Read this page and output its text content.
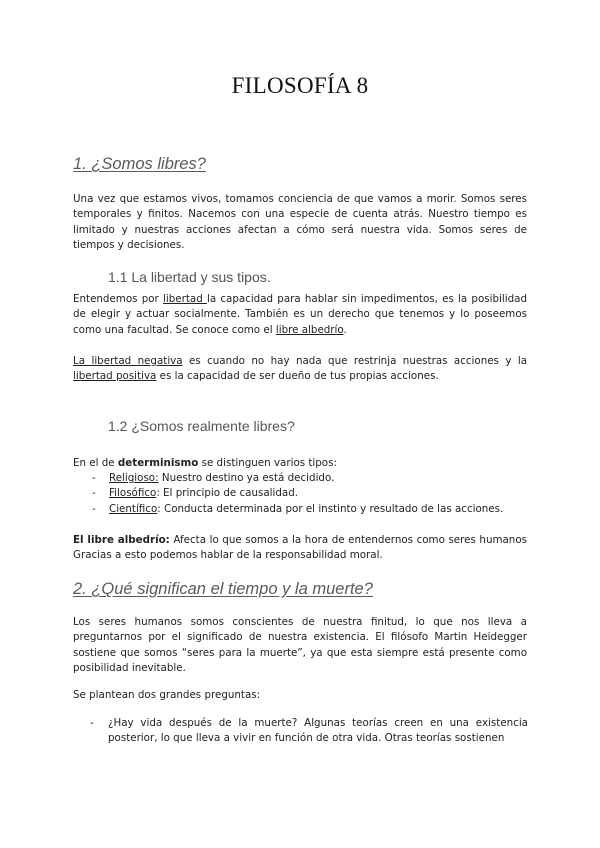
FILOSOFÍA 8
1. ¿Somos libres?
Una vez que estamos vivos, tomamos conciencia de que vamos a morir. Somos seres temporales y finitos. Nacemos con una especie de cuenta atrás. Nuestro tiempo es limitado y nuestras acciones afectan a cómo será nuestra vida. Somos seres de tiempos y decisiones.
1.1 La libertad y sus tipos.
Entendemos por libertad la capacidad para hablar sin impedimentos, es la posibilidad de elegir y actuar socialmente. También es un derecho que tenemos y lo poseemos como una facultad. Se conoce como el libre albedrío.
La libertad negativa es cuando no hay nada que restrinja nuestras acciones y la libertad positiva es la capacidad de ser dueño de tus propias acciones.
1.2 ¿Somos realmente libres?
En el de determinismo se distinguen varios tipos:
- Religioso: Nuestro destino ya está decidido.
- Filosófico: El principio de causalidad.
- Científico: Conducta determinada por el instinto y resultado de las acciones.
El libre albedrío: Afecta lo que somos a la hora de entendernos como seres humanos Gracias a esto podemos hablar de la responsabilidad moral.
2. ¿Qué significan el tiempo y la muerte?
Los seres humanos somos conscientes de nuestra finitud, lo que nos lleva a preguntarnos por el significado de nuestra existencia. El filósofo Martin Heidegger sostiene que somos “seres para la muerte”, ya que esta siempre está presente como posibilidad inevitable.
Se plantean dos grandes preguntas:
- ¿Hay vida después de la muerte? Algunas teorías creen en una existencia posterior, lo que lleva a vivir en función de otra vida. Otras teorías sostienen
